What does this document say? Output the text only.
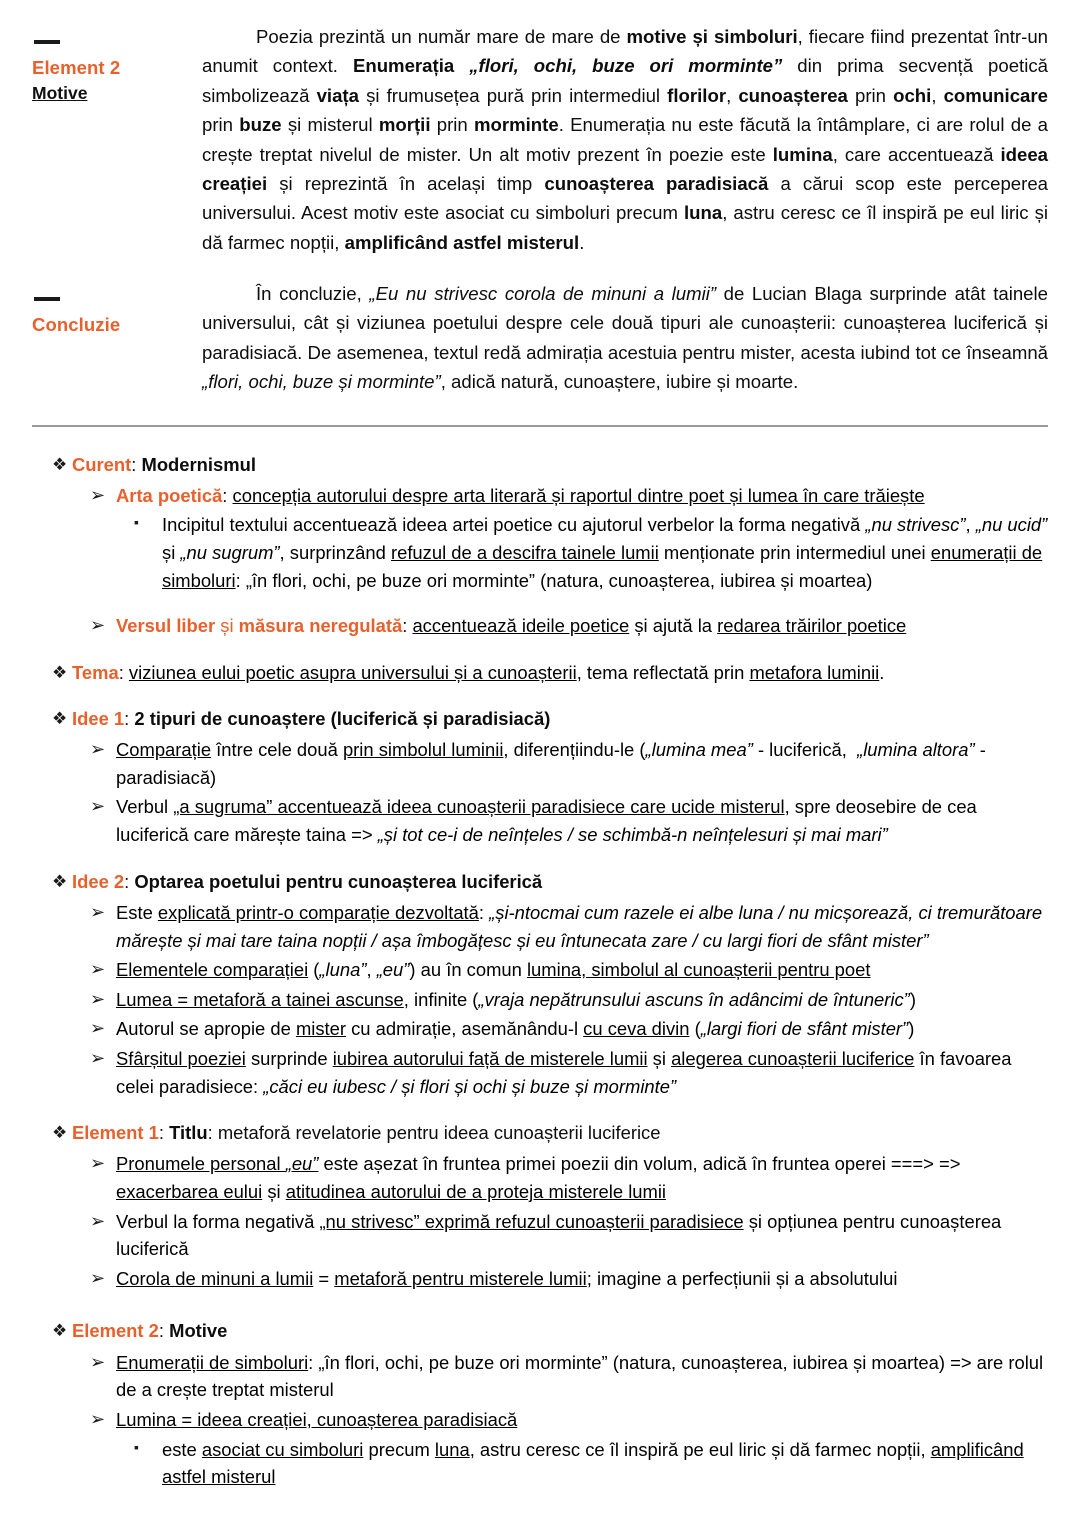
Element 2
Motive

Poezia prezintă un număr mare de mare de motive și simboluri, fiecare fiind prezentat într-un anumit context. Enumerația „flori, ochi, buze ori morminte” din prima secvență poetică simbolizează viața și frumusețea pură prin intermediul florilor, cunoașterea prin ochi, comunicare prin buze și misterul morții prin morminte. Enumerația nu este făcută la întâmplare, ci are rolul de a crește treptat nivelul de mister. Un alt motiv prezent în poezie este lumina, care accentuează ideea creației și reprezintă în același timp cunoașterea paradisiacă a cărui scop este perceperea universului. Acest motiv este asociat cu simboluri precum luna, astru ceresc ce îl inspiră pe eul liric și dă farmec nopții, amplificând astfel misterul.

Concluzie

În concluzie, „Eu nu strivesc corola de minuni a lumii” de Lucian Blaga surprinde atât tainele universului, cât și viziunea poetului despre cele două tipuri ale cunoașterii: cunoașterea luciferică și paradisiacă. De asemenea, textul redă admirația acestuia pentru mister, acesta iubind tot ce înseamnă „flori, ochi, buze și morminte”, adică natură, cunoaștere, iubire și moarte.

❖ Curent: Modernismul
➢ Arta poetică: concepția autorului despre arta literară și raportul dintre poet și lumea în care trăiește
▪ Incipitul textului accentuează ideea artei poetice cu ajutorul verbelor la forma negativă „nu strivesc”, „nu ucid” și „nu sugrum”, surprinzând refuzul de a descifra tainele lumii menționate prin intermediul unei enumerații de simboluri: „în flori, ochi, pe buze ori morminte” (natura, cunoașterea, iubirea și moartea)
➢ Versul liber și măsura neregulată: accentuează ideile poetice și ajută la redarea trăirilor poetice
❖ Tema: viziunea eului poetic asupra universului și a cunoașterii, tema reflectată prin metafora luminii.
❖ Idee 1: 2 tipuri de cunoaștere (luciferică și paradisiacă)
➢ Comparație între cele două prin simbolul luminii, diferențiindu-le („lumina mea” - luciferică,  „lumina altora” - paradisiacă)
➢ Verbul „a sugruma” accentuează ideea cunoașterii paradisiece care ucide misterul, spre deosebire de cea luciferică care mărește taina => „și tot ce-i de neînțeles / se schimbă-n neînțelesuri și mai mari”
❖ Idee 2: Optarea poetului pentru cunoașterea luciferică
➢ Este explicată printr-o comparație dezvoltată: „și-ntocmai cum razele ei albe luna / nu micșorează, ci tremurătoare mărește și mai tare taina nopții / așa îmbogățesc și eu întunecata zare / cu largi fiori de sfânt mister”
➢ Elementele comparației („luna”, „eu”) au în comun lumina, simbolul al cunoașterii pentru poet
➢ Lumea = metaforă a tainei ascunse, infinite („vraja nepătrunsului ascuns în adâncimi de întuneric”)
➢ Autorul se apropie de mister cu admirație, asemănându-l cu ceva divin („largi fiori de sfânt mister”)
➢ Sfârșitul poeziei surprinde iubirea autorului față de misterele lumii și alegerea cunoașterii luciferice în favoarea celei paradisiece: „căci eu iubesc / și flori și ochi și buze și morminte”
❖ Element 1: Titlu: metaforă revelatorie pentru ideea cunoașterii luciferice
➢ Pronumele personal „eu” este așezat în fruntea primei poezii din volum, adică în fruntea operei ===> => exacerbarea eului și atitudinea autorului de a proteja misterele lumii
➢ Verbul la forma negativă „nu strivesc” exprimă refuzul cunoașterii paradisiece și opțiunea pentru cunoașterea luciferică
➢ Corola de minuni a lumii = metaforă pentru misterele lumii; imagine a perfecțiunii și a absolutului
❖ Element 2: Motive
➢ Enumerații de simboluri: „în flori, ochi, pe buze ori morminte” (natura, cunoașterea, iubirea și moartea) => are rolul de a crește treptat misterul
➢ Lumina = ideea creației, cunoașterea paradisiacă
▪ este asociat cu simboluri precum luna, astru ceresc ce îl inspiră pe eul liric și dă farmec nopții, amplificând astfel misterul
